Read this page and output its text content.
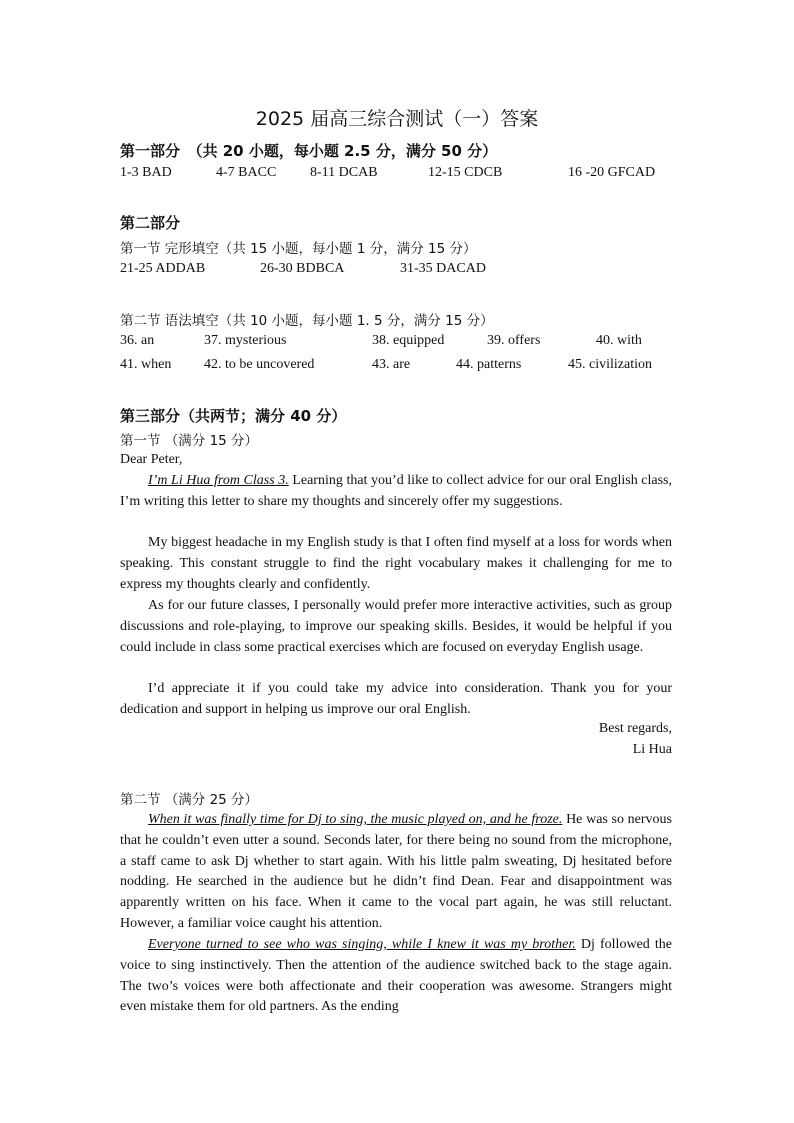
2025 届高三综合测试（一）答案
第一部分　（共 20 小题，每小题 2.5 分，满分 50 分）
1-3 BAD	4-7 BACC 8-11 DCAB	12-15 CDCB	16 -20 GFCAD
第二部分
第一节 完形填空（共 15 小题，每小题 1 分，满分 15 分）
21-25 ADDAB	26-30 BDBCA	31-35 DACAD
第二节 语法填空（共 10 小题，每小题 1. 5 分，满分 15 分）
36. an	37. mysterious	38. equipped	39. offers	40. with
41. when 42. to be uncovered	43. are	44. patterns	45. civilization
第三部分（共两节；满分 40 分）
第一节 （满分 15 分）
Dear Peter,
I’m Li Hua from Class 3. Learning that you’d like to collect advice for our oral English class, I’m writing this letter to share my thoughts and sincerely offer my suggestions.
My biggest headache in my English study is that I often find myself at a loss for words when speaking. This constant struggle to find the right vocabulary makes it challenging for me to express my thoughts clearly and confidently.
As for our future classes, I personally would prefer more interactive activities, such as group discussions and role-playing, to improve our speaking skills. Besides, it would be helpful if you could include in class some practical exercises which are focused on everyday English usage.
I’d appreciate it if you could take my advice into consideration. Thank you for your dedication and support in helping us improve our oral English.
Best regards,
Li Hua
第二节 （满分 25 分）
When it was finally time for Dj to sing, the music played on, and he froze. He was so nervous that he couldn’t even utter a sound. Seconds later, for there being no sound from the microphone, a staff came to ask Dj whether to start again. With his little palm sweating, Dj hesitated before nodding. He searched in the audience but he didn’t find Dean. Fear and disappointment was apparently written on his face. When it came to the vocal part again, he was still reluctant. However, a familiar voice caught his attention.
Everyone turned to see who was singing, while I knew it was my brother. Dj followed the voice to sing instinctively. Then the attention of the audience switched back to the stage again. The two’s voices were both affectionate and their cooperation was awesome. Strangers might even mistake them for old partners. As the ending
